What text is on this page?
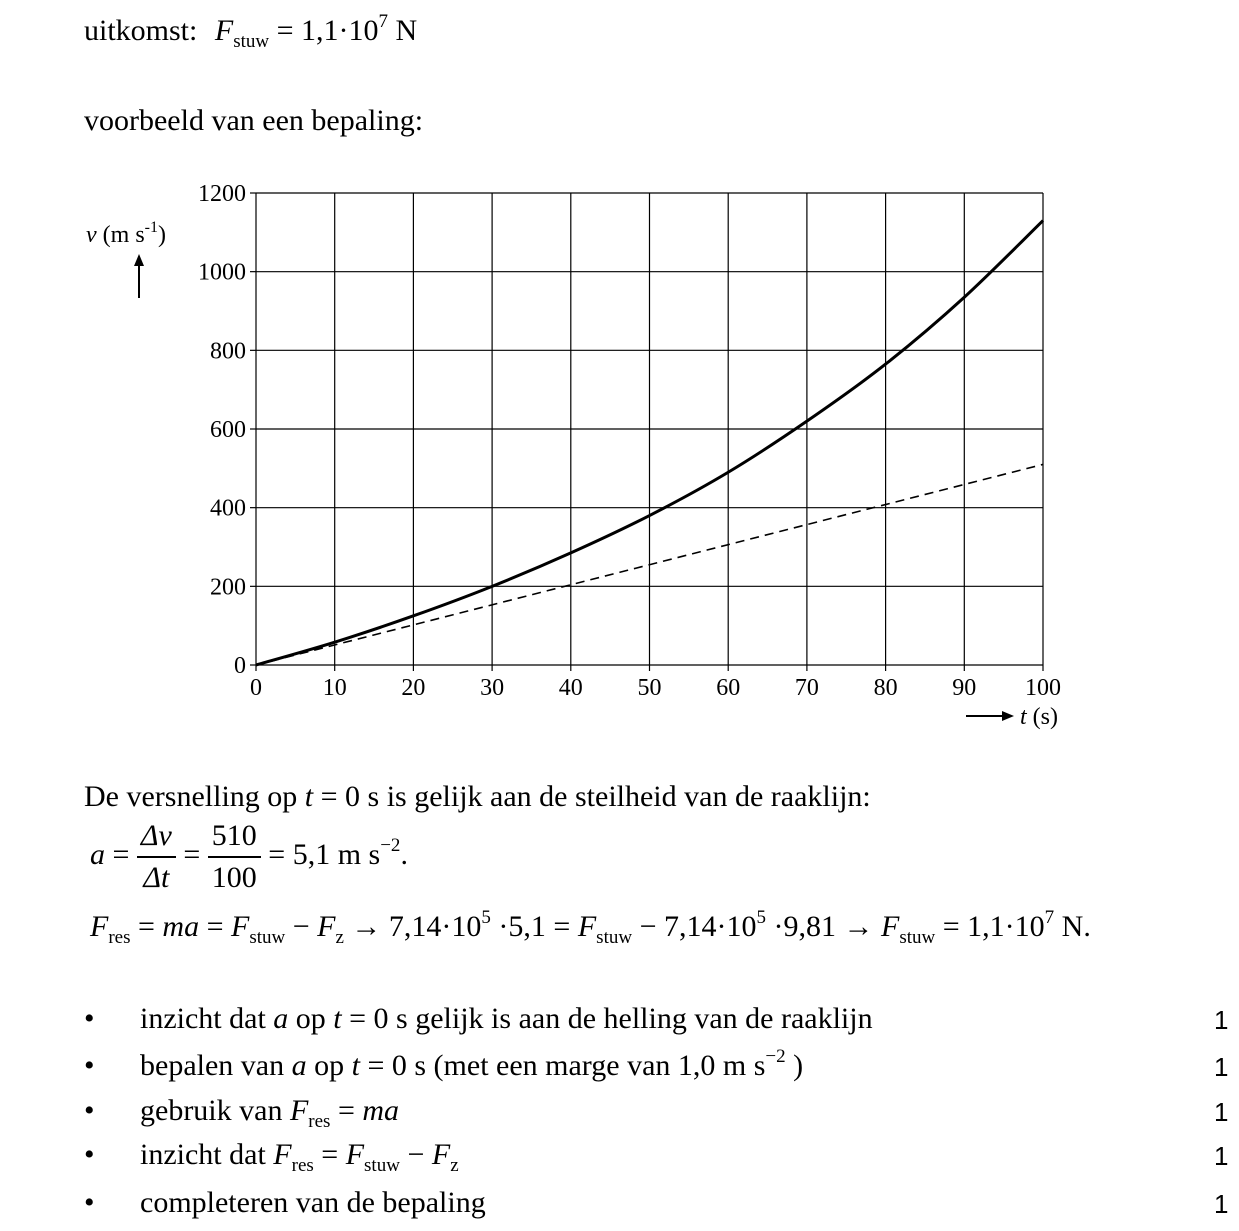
uitkomst: $F_{stuw} = 1,1\cdot 10^7$ N
voorbeeld van een bepaling:
v (m $s^{-1}$)
0	10 20 30 40 50 60 70 80 90 100
0
200
400
600
800
1000
1200
t (s)
De versnelling op t = 0 s is gelijk aan de steilheid van de raaklijn:
$a = \frac{\Delta v}{\Delta t} = \frac{510}{100} = 5,1$ m $s^{-2}$.
$F_{res}$ = ma = $F_{stuw} - F_z \to 7,14\cdot 10^5 \cdot 5,1 = F_{stuw} - 7,14\cdot 10^5 \cdot 9,81 \to F_{stuw} = 1,1\cdot 10^7$ N.
• inzicht dat a op t = 0 s gelijk is aan de helling van de raaklijn	1
• bepalen van a op t = 0 s (met een marge van 1,0 m $s^{-2}$ )	1
• gebruik van $F_{res}$ = ma	1
• inzicht dat $F_{res} = F_{stuw} - F_z$	1
• completeren van de bepaling	1
